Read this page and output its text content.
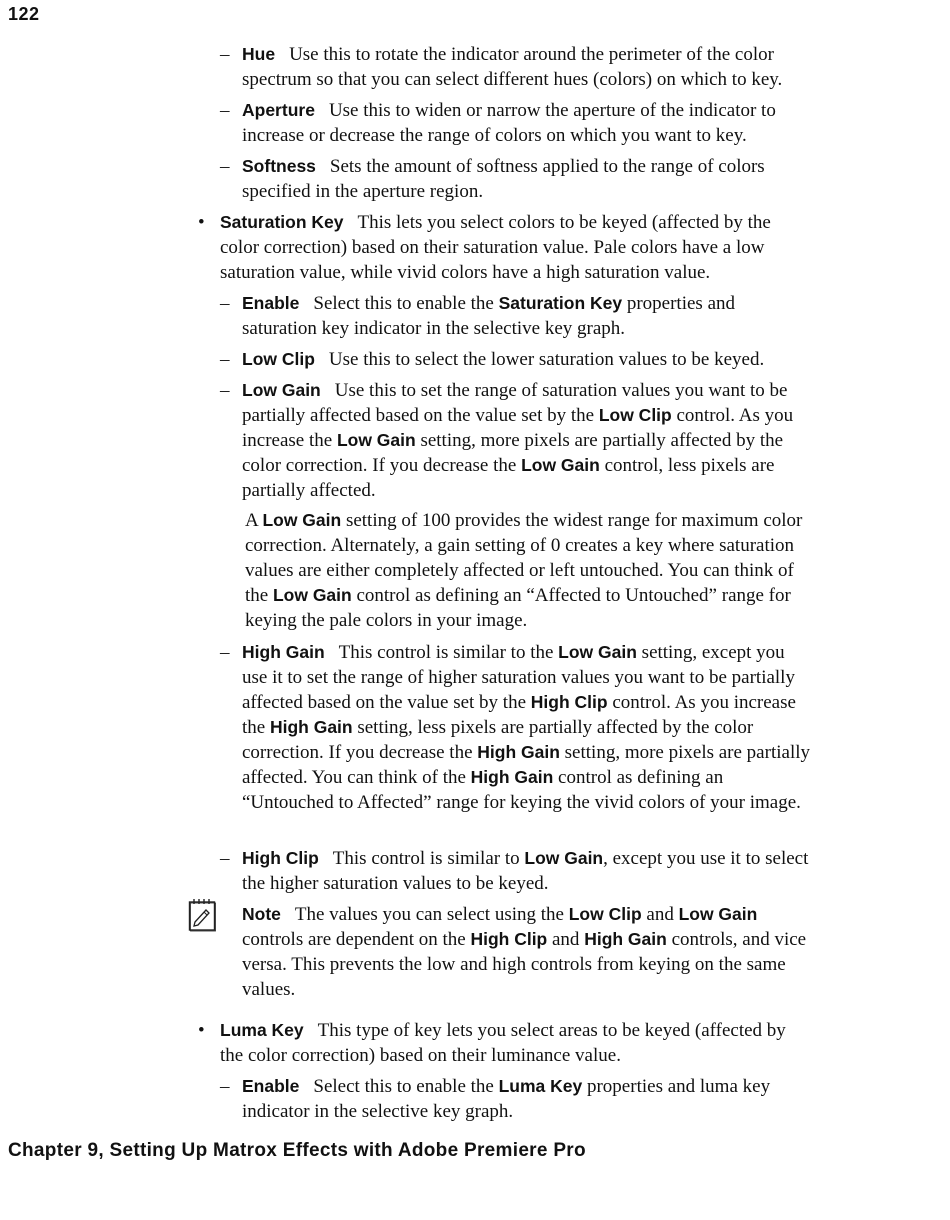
122
– Hue Use this to rotate the indicator around the perimeter of the color spectrum so that you can select different hues (colors) on which to key.

– Aperture Use this to widen or narrow the aperture of the indicator to increase or decrease the range of colors on which you want to key.

– Softness Sets the amount of softness applied to the range of colors specified in the aperture region.

• Saturation Key This lets you select colors to be keyed (affected by the color correction) based on their saturation value. Pale colors have a low saturation value, while vivid colors have a high saturation value.

– Enable Select this to enable the Saturation Key properties and saturation key indicator in the selective key graph.

– Low Clip Use this to select the lower saturation values to be keyed.

– Low Gain Use this to set the range of saturation values you want to be partially affected based on the value set by the Low Clip control. As you increase the Low Gain setting, more pixels are partially affected by the color correction. If you decrease the Low Gain control, less pixels are partially affected.

A Low Gain setting of 100 provides the widest range for maximum color correction. Alternately, a gain setting of 0 creates a key where saturation values are either completely affected or left untouched. You can think of the Low Gain control as defining an “Affected to Untouched” range for keying the pale colors in your image.

– High Gain This control is similar to the Low Gain setting, except you use it to set the range of higher saturation values you want to be partially affected based on the value set by the High Clip control. As you increase the High Gain setting, less pixels are partially affected by the color correction. If you decrease the High Gain setting, more pixels are partially affected. You can think of the High Gain control as defining an “Untouched to Affected” range for keying the vivid colors of your image.

– High Clip This control is similar to Low Gain, except you use it to select the higher saturation values to be keyed.

Note The values you can select using the Low Clip and Low Gain controls are dependent on the High Clip and High Gain controls, and vice versa. This prevents the low and high controls from keying on the same values.

• Luma Key This type of key lets you select areas to be keyed (affected by the color correction) based on their luminance value.

– Enable Select this to enable the Luma Key properties and luma key indicator in the selective key graph.

Chapter 9, Setting Up Matrox Effects with Adobe Premiere Pro
